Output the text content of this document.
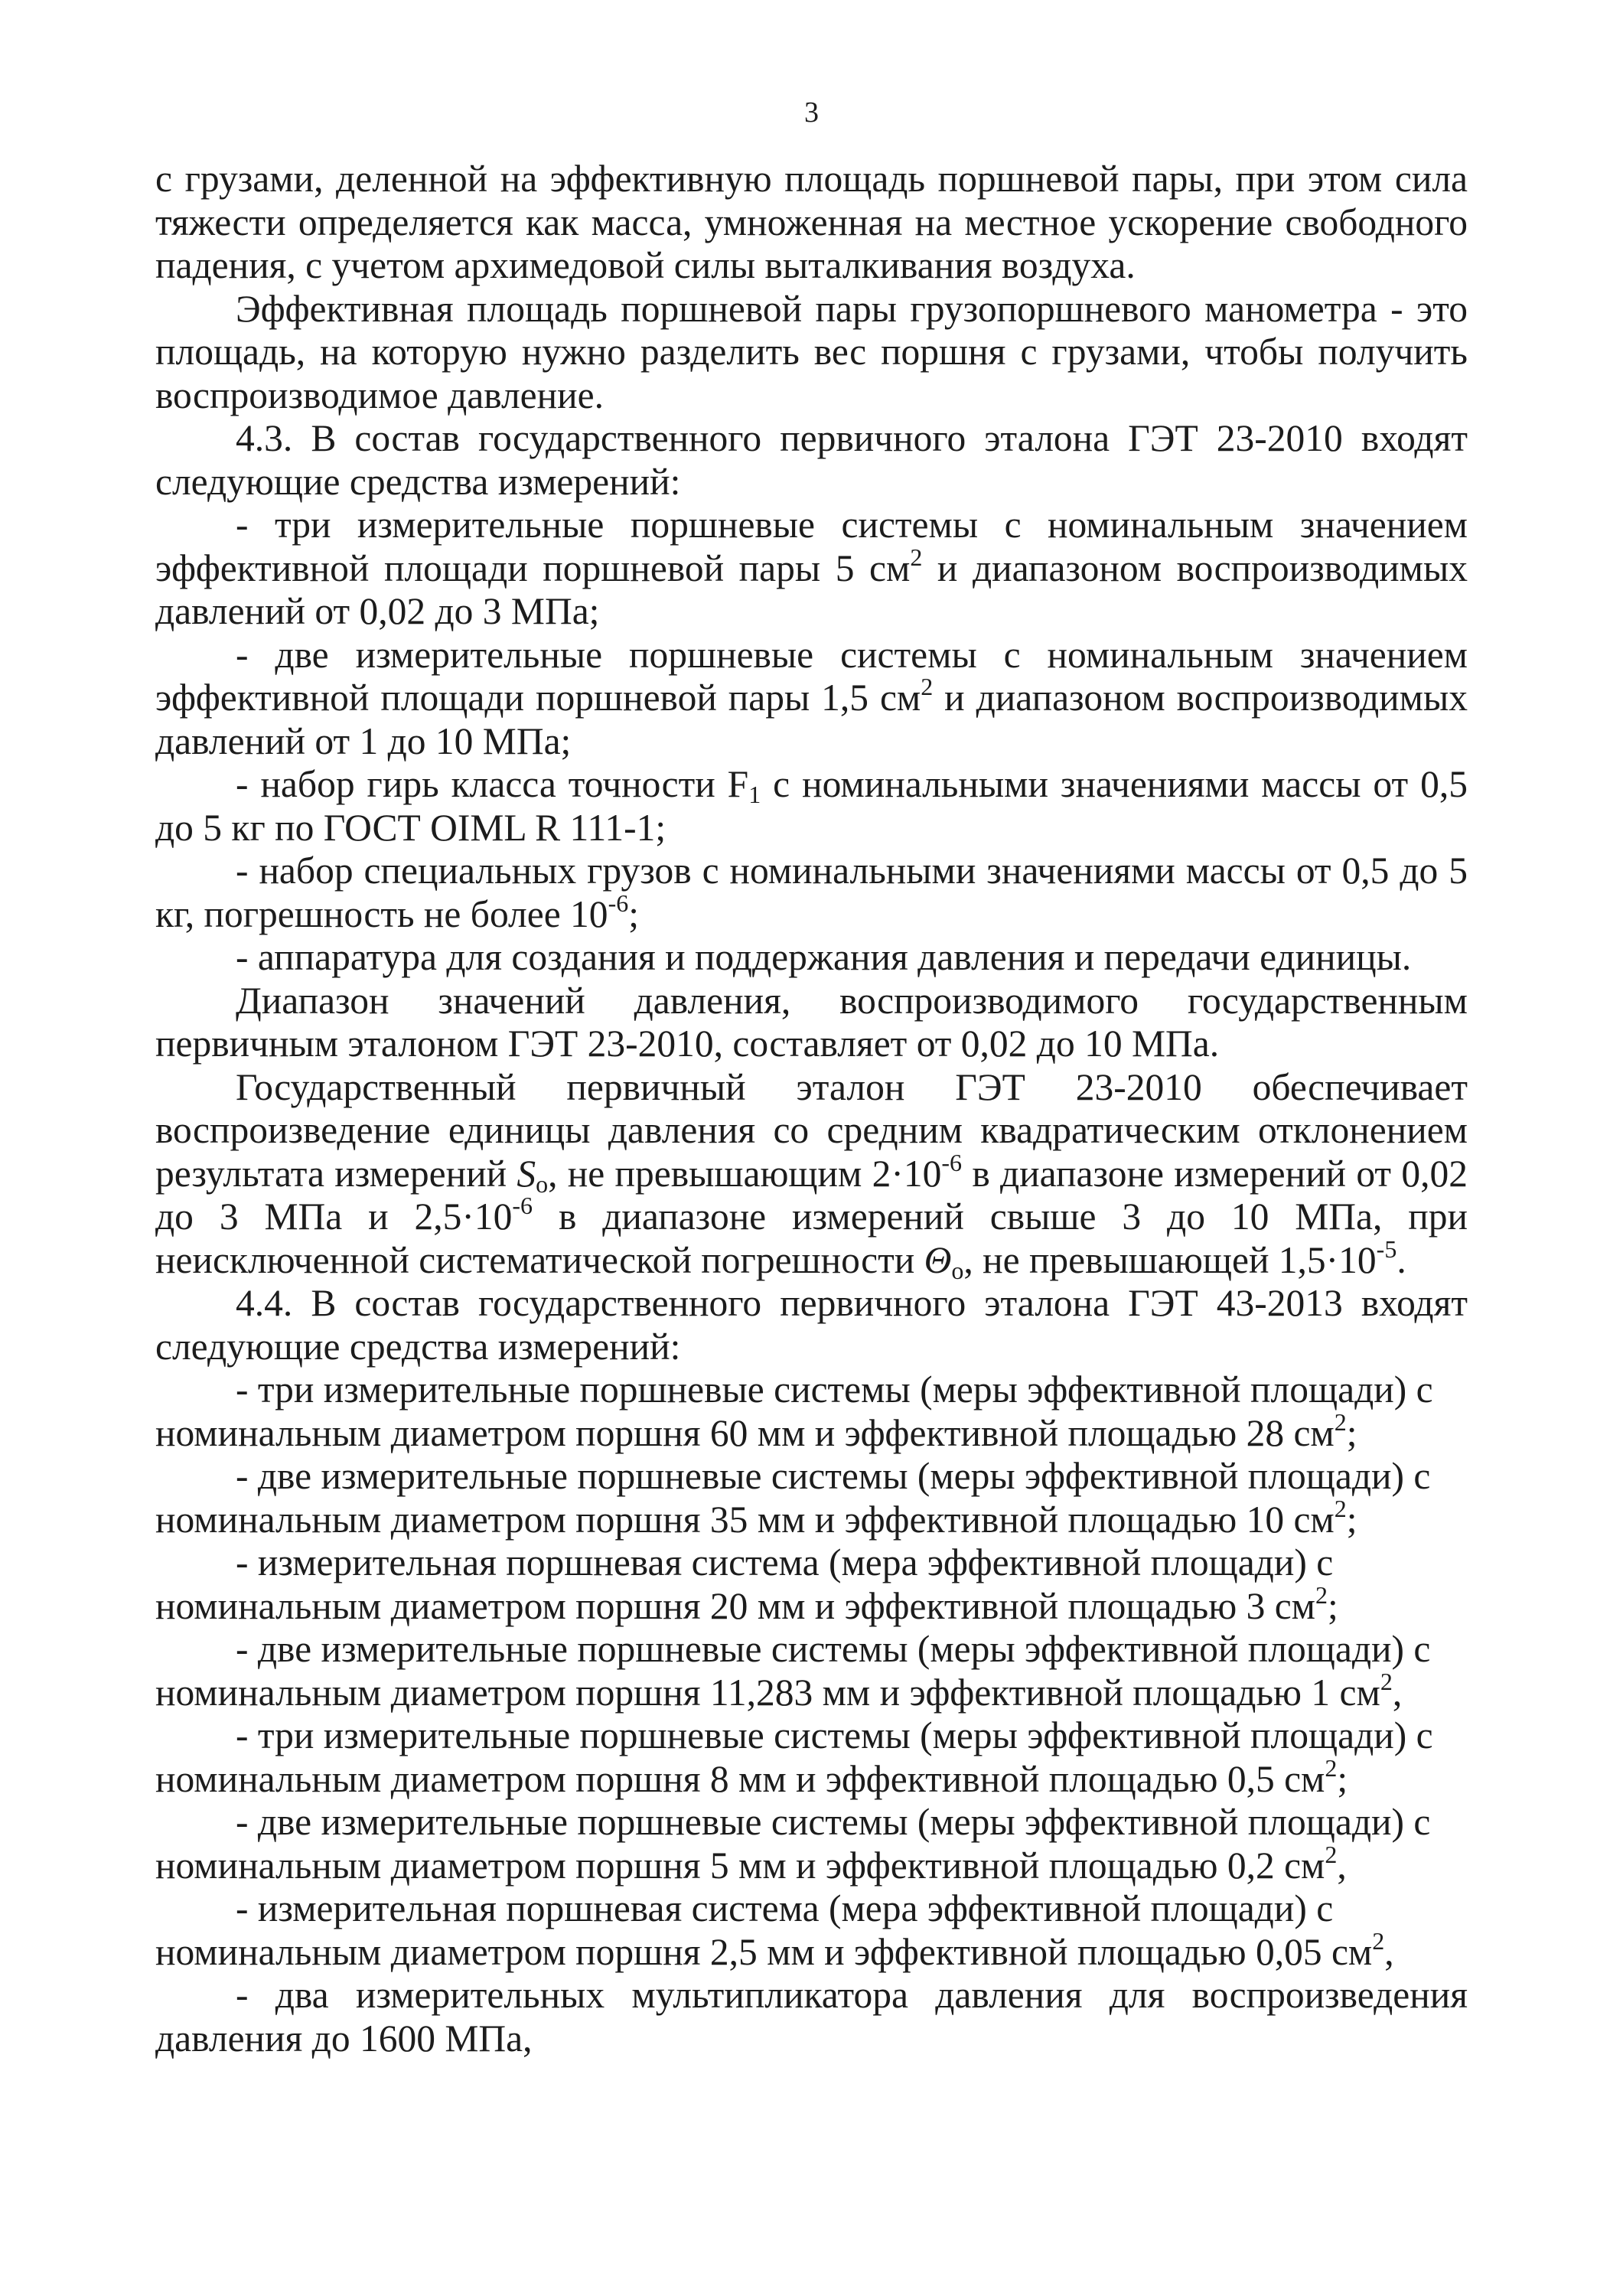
3

с грузами, деленной на эффективную площадь поршневой пары, при этом сила тяжести определяется как масса, умноженная на местное ускорение свободного падения, с учетом архимедовой силы выталкивания воздуха.

Эффективная площадь поршневой пары грузопоршневого манометра - это площадь, на которую нужно разделить вес поршня с грузами, чтобы получить воспроизводимое давление.

4.3. В состав государственного первичного эталона ГЭТ 23-2010 входят следующие средства измерений:

- три измерительные поршневые системы с номинальным значением эффективной площади поршневой пары 5 $см^2$ и диапазоном воспроизводимых давлений от 0,02 до 3 МПа;

- две измерительные поршневые системы с номинальным значением эффективной площади поршневой пары 1,5 $см^2$ и диапазоном воспроизводимых давлений от 1 до 10 МПа;

- набор гирь класса точности $F_1$ с номинальными значениями массы от 0,5 до 5 кг по ГОСТ OIML R 111-1;

- набор специальных грузов с номинальными значениями массы от 0,5 до 5 кг, погрешность не более $10^{-6}$;

- аппаратура для создания и поддержания давления и передачи единицы.

Диапазон значений давления, воспроизводимого государственным первичным эталоном ГЭТ 23-2010, составляет от 0,02 до 10 МПа.

Государственный первичный эталон ГЭТ 23-2010 обеспечивает воспроизведение единицы давления со средним квадратическим отклонением результата измерений $S_о$, не превышающим $2\cdot 10^{-6}$ в диапазоне измерений от 0,02 до 3 МПа и $2,5\cdot 10^{-6}$ в диапазоне измерений свыше 3 до 10 МПа, при неисключенной систематической погрешности $\Theta_о$, не превышающей $1,5\cdot 10^{-5}$.

4.4. В состав государственного первичного эталона ГЭТ 43-2013 входят следующие средства измерений:

- три измерительные поршневые системы (меры эффективной площади) с номинальным диаметром поршня 60 мм и эффективной площадью 28 $см^2$;

- две измерительные поршневые системы (меры эффективной площади) с номинальным диаметром поршня 35 мм и эффективной площадью 10 $см^2$;

- измерительная поршневая система (мера эффективной площади) с номинальным диаметром поршня 20 мм и эффективной площадью 3 $см^2$;

- две измерительные поршневые системы (меры эффективной площади) с номинальным диаметром поршня 11,283 мм и эффективной площадью 1 $см^2$,

- три измерительные поршневые системы (меры эффективной площади) с номинальным диаметром поршня 8 мм и эффективной площадью 0,5 $см^2$;

- две измерительные поршневые системы (меры эффективной площади) с номинальным диаметром поршня 5 мм и эффективной площадью 0,2 $см^2$,

- измерительная поршневая система (мера эффективной площади) с номинальным диаметром поршня 2,5 мм и эффективной площадью 0,05 $см^2$,

- два измерительных мультипликатора давления для воспроизведения давления до 1600 МПа,
